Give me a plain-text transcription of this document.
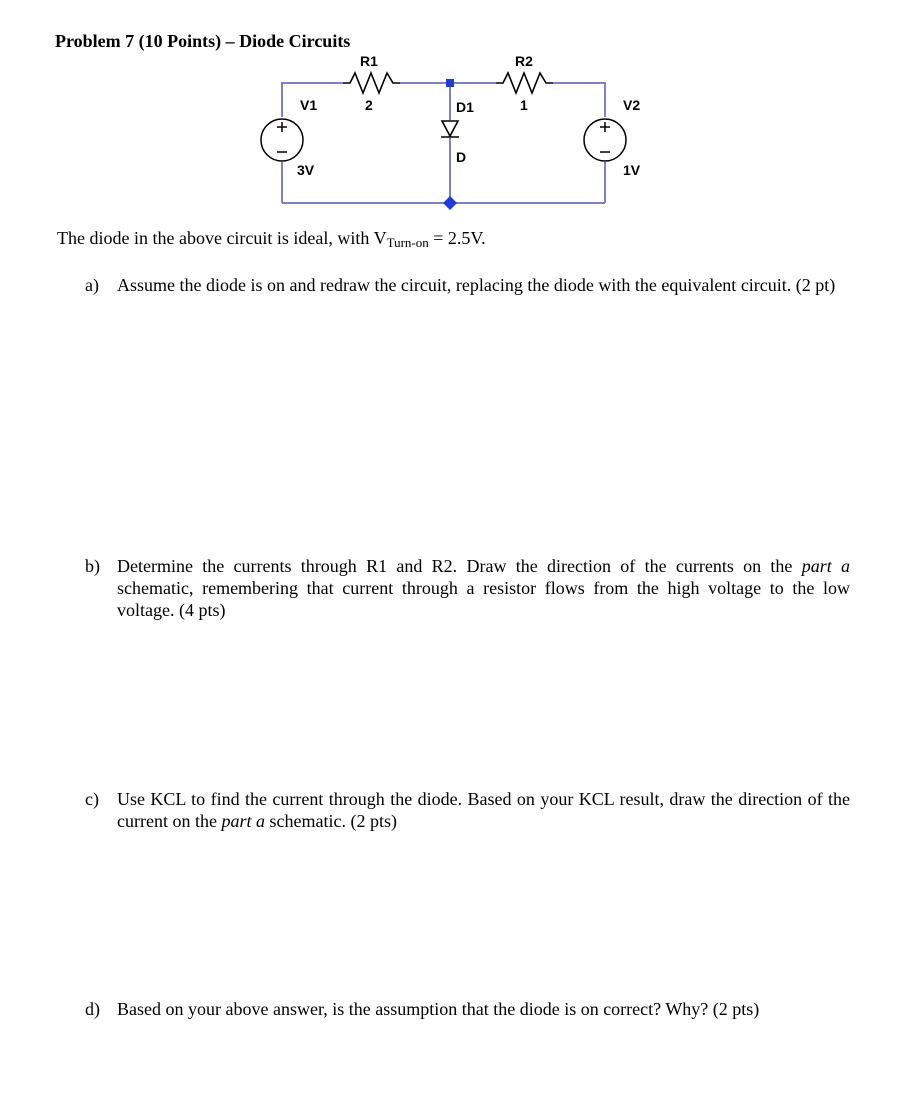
Problem 7 (10 Points) – Diode Circuits
R1	R2
2	1
V1
3V
V2
1V
D1
D
The diode in the above circuit is ideal, with $V_{Turn-on} = 2.5V$.
a) Assume the diode is on and redraw the circuit, replacing the diode with the equivalent circuit. (2 pt)
b) Determine the currents through R1 and R2. Draw the direction of the currents on the part a schematic, remembering that current through a resistor flows from the high voltage to the low voltage. (4 pts)
c) Use KCL to find the current through the diode. Based on your KCL result, draw the direction of the current on the part a schematic. (2 pts)
d) Based on your above answer, is the assumption that the diode is on correct? Why? (2 pts)
